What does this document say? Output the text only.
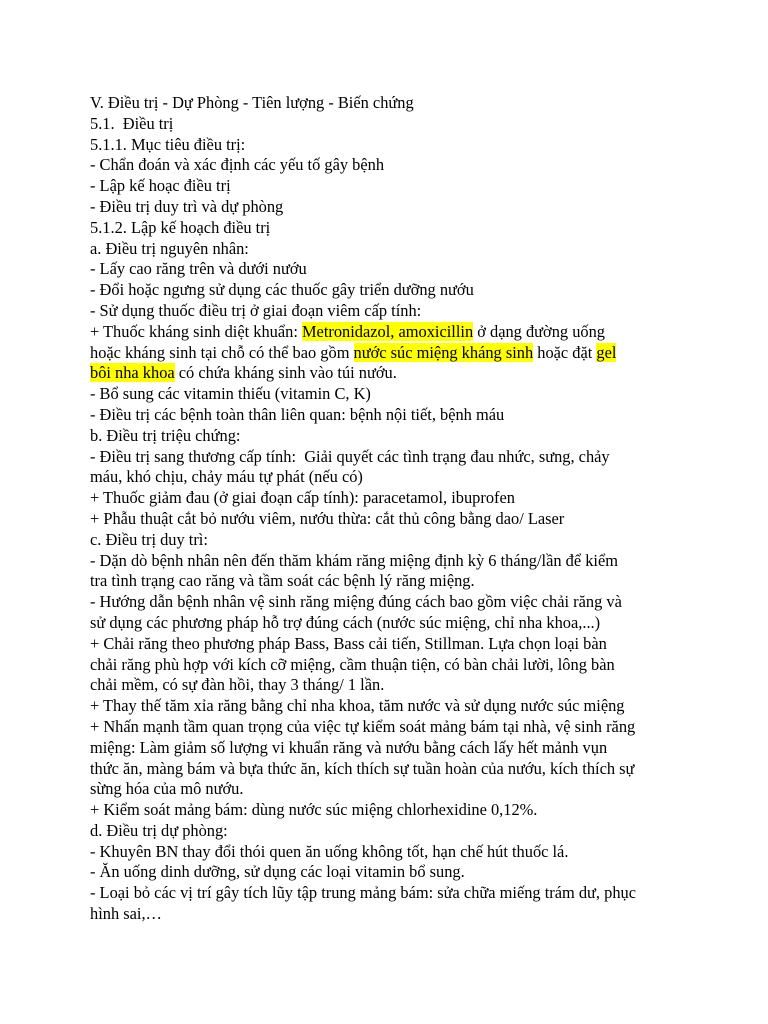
V. Điều trị - Dự Phòng - Tiên lượng - Biến chứng
5.1.  Điều trị
5.1.1. Mục tiêu điều trị:
- Chẩn đoán và xác định các yếu tố gây bệnh
- Lập kế hoạc điều trị
- Điều trị duy trì và dự phòng
5.1.2. Lập kế hoạch điều trị
a. Điều trị nguyên nhân:
- Lấy cao răng trên và dưới nướu
- Đổi hoặc ngưng sử dụng các thuốc gây triển dưỡng nướu
- Sử dụng thuốc điều trị ở giai đoạn viêm cấp tính:
+ Thuốc kháng sinh diệt khuẩn: Metronidazol, amoxicillin ở dạng đường uống
hoặc kháng sinh tại chỗ có thể bao gồm nước súc miệng kháng sinh hoặc đặt gel
bôi nha khoa có chứa kháng sinh vào túi nướu.
- Bổ sung các vitamin thiếu (vitamin C, K)
- Điều trị các bệnh toàn thân liên quan: bệnh nội tiết, bệnh máu
b. Điều trị triệu chứng:
- Điều trị sang thương cấp tính:  Giải quyết các tình trạng đau nhức, sưng, chảy
máu, khó chịu, chảy máu tự phát (nếu có)
+ Thuốc giảm đau (ở giai đoạn cấp tính): paracetamol, ibuprofen
+ Phẫu thuật cắt bỏ nướu viêm, nướu thừa: cắt thủ công bằng dao/ Laser
c. Điều trị duy trì:
- Dặn dò bệnh nhân nên đến thăm khám răng miệng định kỳ 6 tháng/lần để kiểm
tra tình trạng cao răng và tầm soát các bệnh lý răng miệng.
- Hướng dẫn bệnh nhân vệ sinh răng miệng đúng cách bao gồm việc chải răng và
sử dụng các phương pháp hỗ trợ đúng cách (nước súc miệng, chỉ nha khoa,...)
+ Chải răng theo phương pháp Bass, Bass cải tiến, Stillman. Lựa chọn loại bàn
chải răng phù hợp với kích cỡ miệng, cầm thuận tiện, có bàn chải lười, lông bàn
chải mềm, có sự đàn hồi, thay 3 tháng/ 1 lần.
+ Thay thế tăm xỉa răng bằng chỉ nha khoa, tăm nước và sử dụng nước súc miệng
+ Nhấn mạnh tầm quan trọng của việc tự kiểm soát mảng bám tại nhà, vệ sinh răng
miệng: Làm giảm số lượng vi khuẩn răng và nướu bằng cách lấy hết mảnh vụn
thức ăn, màng bám và bựa thức ăn, kích thích sự tuần hoàn của nướu, kích thích sự
sừng hóa của mô nướu.
+ Kiểm soát mảng bám: dùng nước súc miệng chlorhexidine 0,12%.
d. Điều trị dự phòng:
- Khuyên BN thay đổi thói quen ăn uống không tốt, hạn chế hút thuốc lá.
- Ăn uống dinh dưỡng, sử dụng các loại vitamin bổ sung.
- Loại bỏ các vị trí gây tích lũy tập trung mảng bám: sửa chữa miếng trám dư, phục
hình sai,…
